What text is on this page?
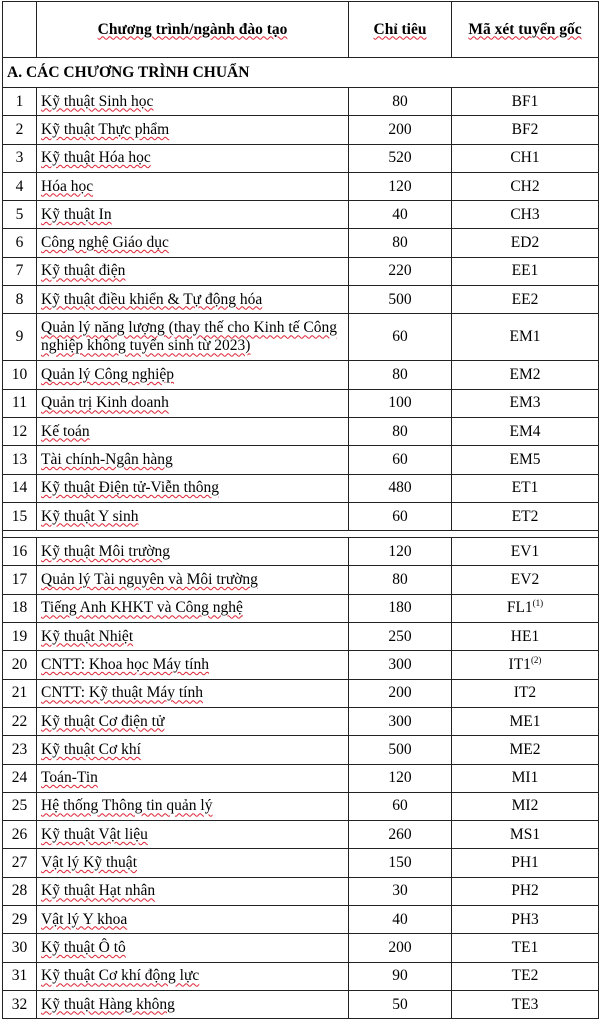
	Chương trình/ngành đào tạo	Chỉ tiêu	Mã xét tuyển gốc
A. CÁC CHƯƠNG TRÌNH CHUẨN			
1	Kỹ thuật Sinh học	80	BF1
2	Kỹ thuật Thực phẩm	200	BF2
3	Kỹ thuật Hóa học	520	CH1
4	Hóa học	120	CH2
5	Kỹ thuật In	40	CH3
6	Công nghệ Giáo dục	80	ED2
7	Kỹ thuật điện	220	EE1
8	Kỹ thuật điều khiển & Tự động hóa	500	EE2
9	Quản lý năng lượng (thay thế cho Kinh tế Công nghiệp không tuyển sinh từ 2023)	60	EM1
10	Quản lý Công nghiệp	80	EM2
11	Quản trị Kinh doanh	100	EM3
12	Kế toán	80	EM4
13	Tài chính-Ngân hàng	60	EM5
14	Kỹ thuật Điện tử-Viễn thông	480	ET1
15	Kỹ thuật Y sinh	60	ET2

16	Kỹ thuật Môi trường	120	EV1
17	Quản lý Tài nguyên và Môi trường	80	EV2
18	Tiếng Anh KHKT và Công nghệ	180	FL1$^{(1)}$
19	Kỹ thuật Nhiệt	250	HE1
20	CNTT: Khoa học Máy tính	300	IT1$^{(2)}$
21	CNTT: Kỹ thuật Máy tính	200	IT2
22	Kỹ thuật Cơ điện tử	300	ME1
23	Kỹ thuật Cơ khí	500	ME2
24	Toán-Tin	120	MI1
25	Hệ thống Thông tin quản lý	60	MI2
26	Kỹ thuật Vật liệu	260	MS1
27	Vật lý Kỹ thuật	150	PH1
28	Kỹ thuật Hạt nhân	30	PH2
29	Vật lý Y khoa	40	PH3
30	Kỹ thuật Ô tô	200	TE1
31	Kỹ thuật Cơ khí động lực	90	TE2
32	Kỹ thuật Hàng không	50	TE3
